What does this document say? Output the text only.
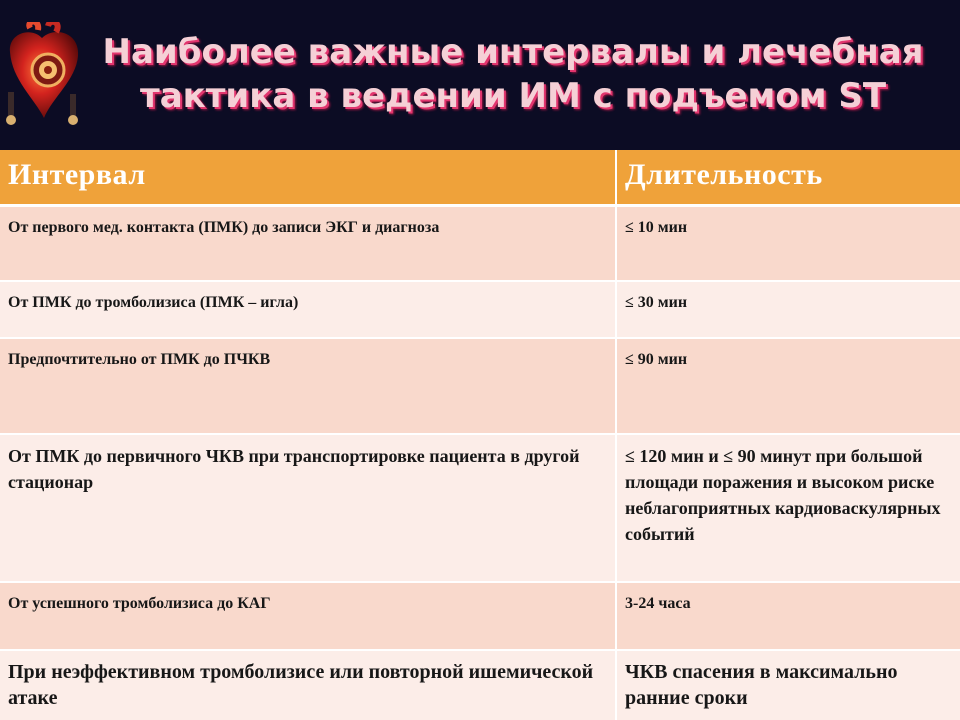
Наиболее важные интервалы и лечебная
тактика в ведении ИМ с подъемом ST
Интервал	Длительность
От первого мед. контакта (ПМК) до записи ЭКГ и диагноза	≤ 10 мин
От ПМК до тромболизиса (ПМК – игла)	≤ 30 мин
Предпочтительно от ПМК до ПЧКВ	≤ 90 мин
От ПМК до первичного ЧКВ при транспортировке пациента в другой стационар	≤ 120 мин и ≤ 90 минут при большой площади поражения и высоком риске неблагоприятных кардиоваскулярных событий
От успешного тромболизиса до КАГ	3-24 часа
При неэффективном тромболизисе или повторной ишемической атаке	ЧКВ спасения в максимально ранние сроки
